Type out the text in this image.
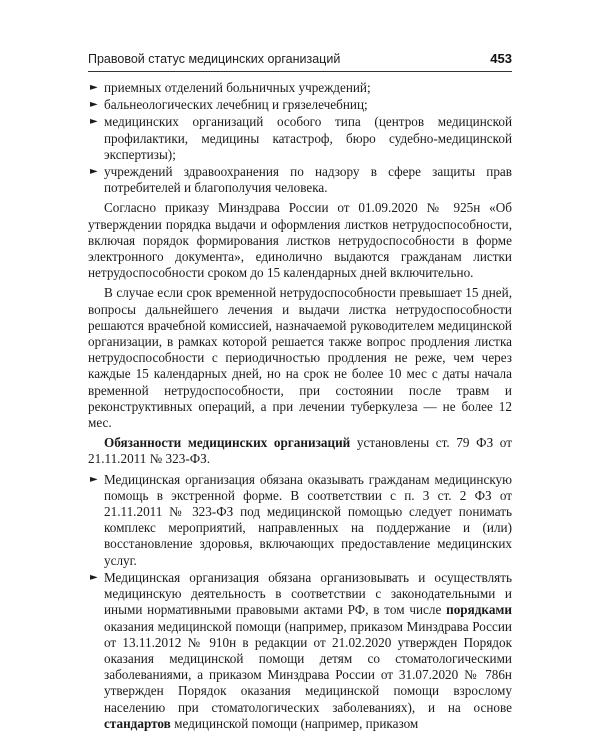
Правовой статус медицинских организаций	453
► приемных отделений больничных учреждений;
► бальнеологических лечебниц и грязелечебниц;
► медицинских организаций особого типа (центров медицинской профилактики, медицины катастроф, бюро судебно-медицинской экспертизы);
► учреждений здравоохранения по надзору в сфере защиты прав потребителей и благополучия человека.

Согласно приказу Минздрава России от 01.09.2020 № 925н «Об утверждении порядка выдачи и оформления листков нетрудоспособности, включая порядок формирования листков нетрудоспособности в форме электронного документа», единолично выдаются гражданам листки нетрудоспособности сроком до 15 календарных дней включительно.

В случае если срок временной нетрудоспособности превышает 15 дней, вопросы дальнейшего лечения и выдачи листка нетрудоспособности решаются врачебной комиссией, назначаемой руководителем медицинской организации, в рамках которой решается также вопрос продления листка нетрудоспособности с периодичностью продления не реже, чем через каждые 15 календарных дней, но на срок не более 10 мес с даты начала временной нетрудоспособности, при состоянии после травм и реконструктивных операций, а при лечении туберкулеза — не более 12 мес.

Обязанности медицинских организаций установлены ст. 79 ФЗ от 21.11.2011 № 323-ФЗ.

► Медицинская организация обязана оказывать гражданам медицинскую помощь в экстренной форме. В соответствии с п. 3 ст. 2 ФЗ от 21.11.2011 № 323-ФЗ под медицинской помощью следует понимать комплекс мероприятий, направленных на поддержание и (или) восстановление здоровья, включающих предоставление медицинских услуг.
► Медицинская организация обязана организовывать и осуществлять медицинскую деятельность в соответствии с законодательными и иными нормативными правовыми актами РФ, в том числе порядками оказания медицинской помощи (например, приказом Минздрава России от 13.11.2012 № 910н в редакции от 21.02.2020 утвержден Порядок оказания медицинской помощи детям со стоматологическими заболеваниями, а приказом Минздрава России от 31.07.2020 № 786н утвержден Порядок оказания медицинской помощи взрослому населению при стоматологических заболеваниях), и на основе стандартов медицинской помощи (например, приказом
